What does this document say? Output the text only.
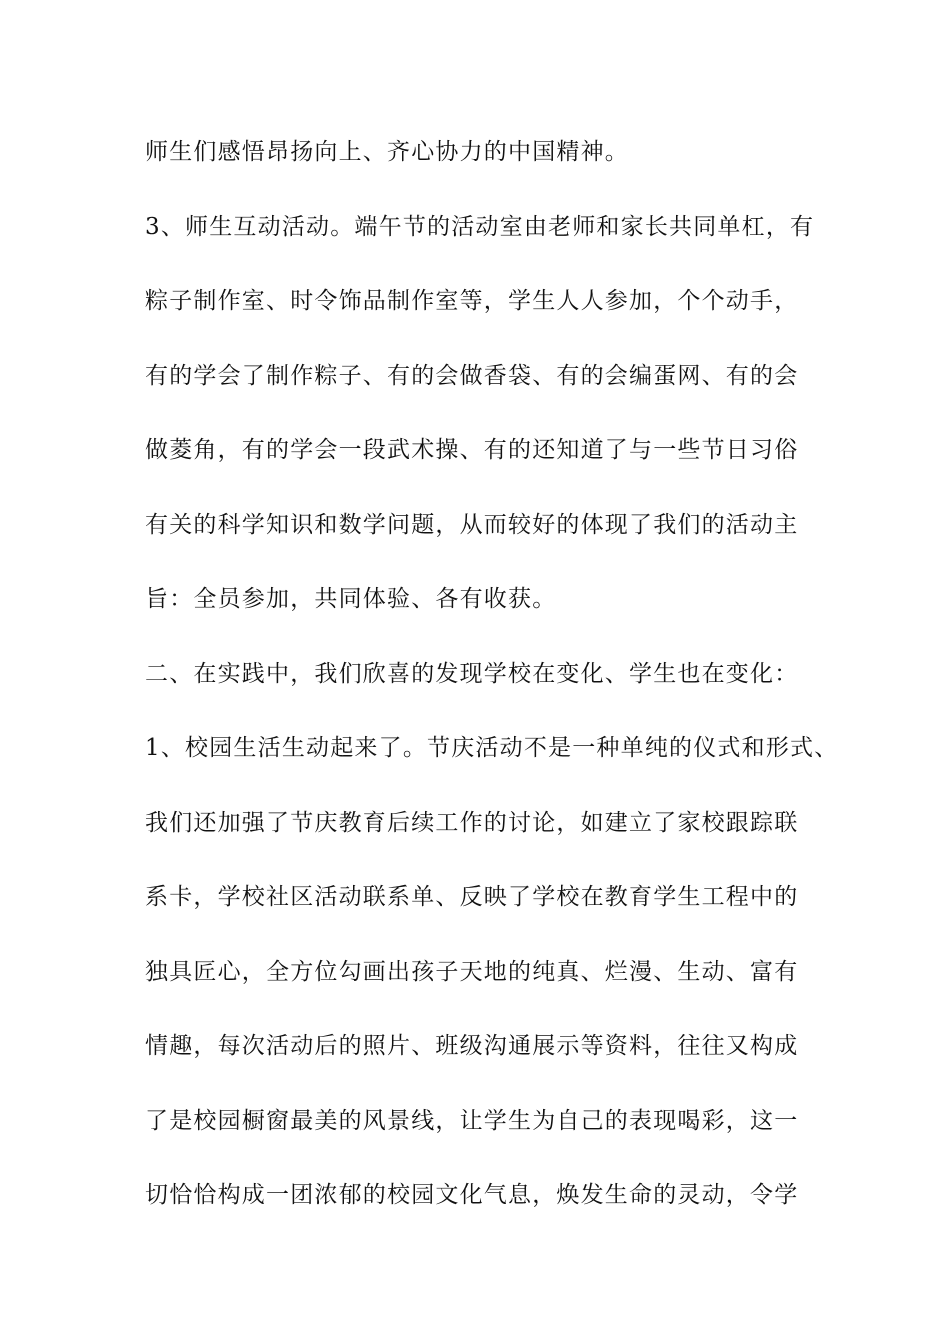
师生们感悟昂扬向上、齐心协力的中国精神。
3、师生互动活动。端午节的活动室由老师和家长共同单杠，有
粽子制作室、时令饰品制作室等，学生人人参加，个个动手，
有的学会了制作粽子、有的会做香袋、有的会编蛋网、有的会
做菱角，有的学会一段武术操、有的还知道了与一些节日习俗
有关的科学知识和数学问题，从而较好的体现了我们的活动主
旨：全员参加，共同体验、各有收获。
二、在实践中，我们欣喜的发现学校在变化、学生也在变化：
1、校园生活生动起来了。节庆活动不是一种单纯的仪式和形式、
我们还加强了节庆教育后续工作的讨论，如建立了家校跟踪联
系卡，学校社区活动联系单、反映了学校在教育学生工程中的
独具匠心，全方位勾画出孩子天地的纯真、烂漫、生动、富有
情趣，每次活动后的照片、班级沟通展示等资料，往往又构成
了是校园橱窗最美的风景线，让学生为自己的表现喝彩，这一
切恰恰构成一团浓郁的校园文化气息，焕发生命的灵动，令学
